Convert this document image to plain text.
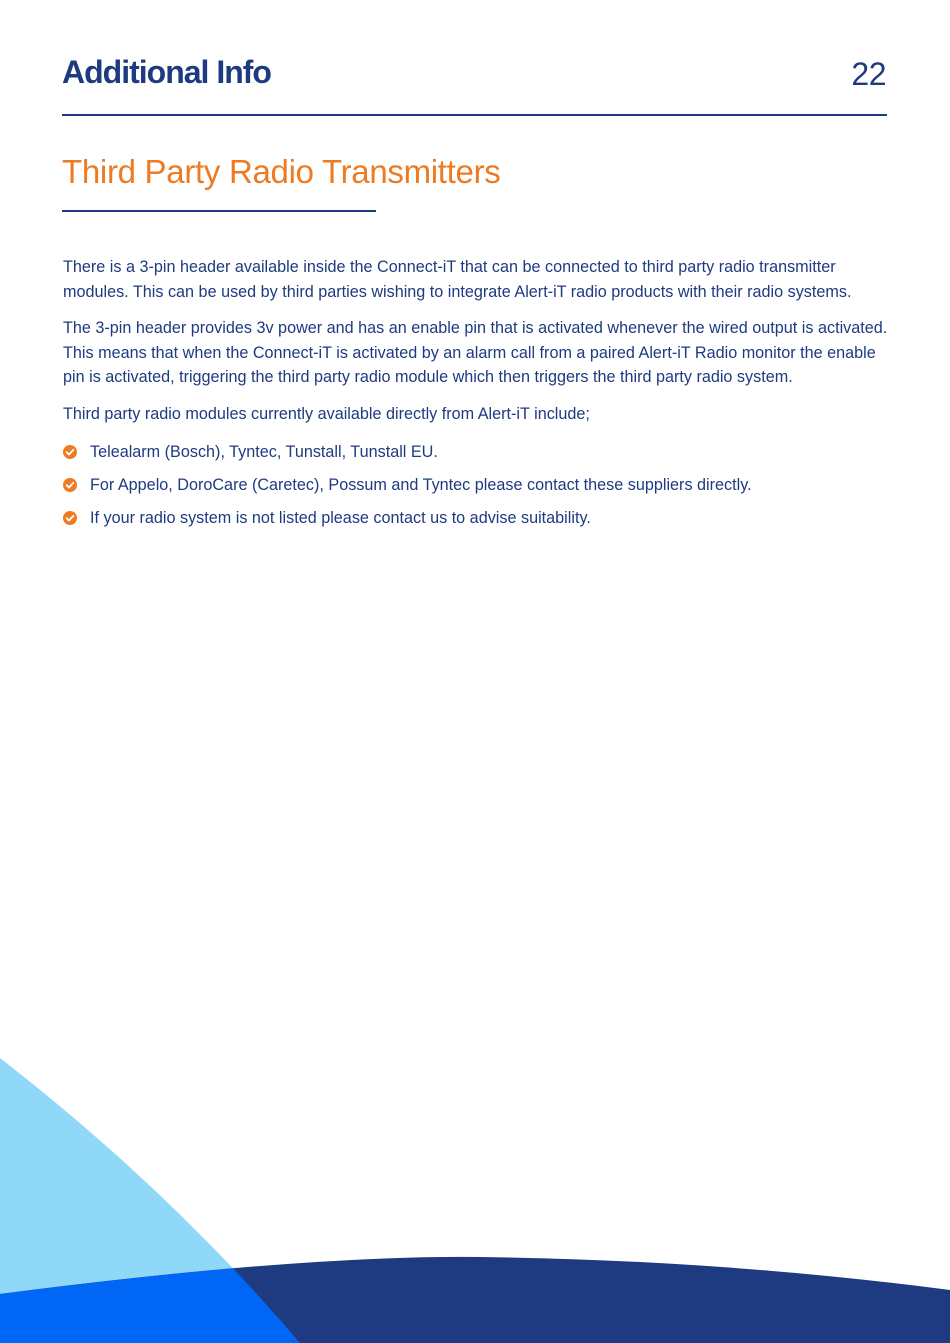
Additional Info	22
Third Party Radio Transmitters

There is a 3-pin header available inside the Connect-iT that can be connected to third party radio transmitter modules. This can be used by third parties wishing to integrate Alert-iT radio products with their radio systems.

The 3-pin header provides 3v power and has an enable pin that is activated whenever the wired output is activated. This means that when the Connect-iT is activated by an alarm call from a paired Alert-iT Radio monitor the enable pin is activated, triggering the third party radio module which then triggers the third party radio system.

Third party radio modules currently available directly from Alert-iT include;

Telealarm (Bosch), Tyntec, Tunstall, Tunstall EU.
For Appelo, DoroCare (Caretec), Possum and Tyntec please contact these suppliers directly.
If your radio system is not listed please contact us to advise suitability.
